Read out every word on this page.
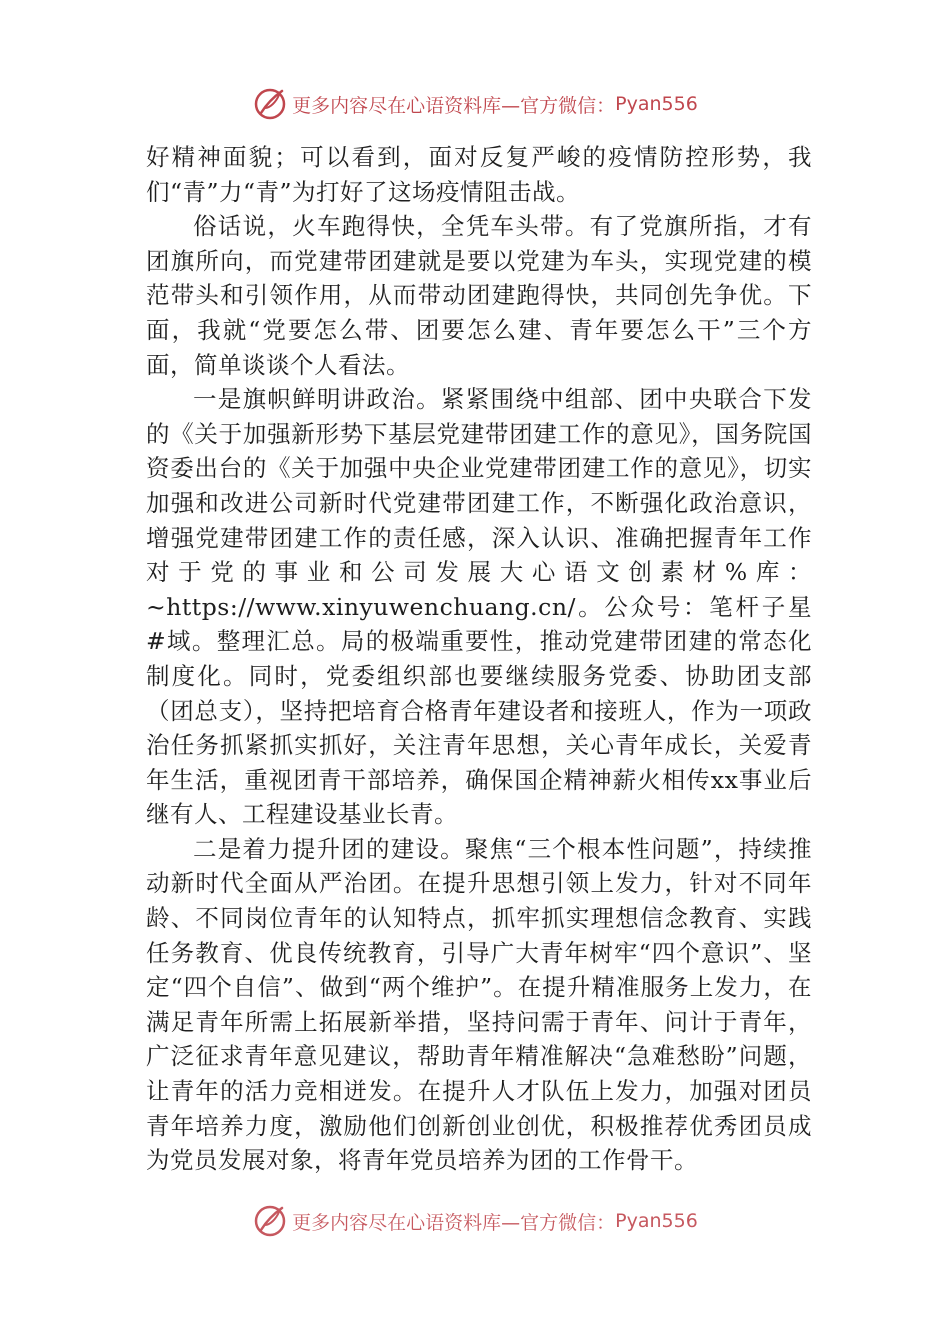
更多内容尽在心语资料库—官方微信： Pyan556

好精神面貌；可以看到，面对反复严峻的疫情防控形势，我们“青”力“青”为打好了这场疫情阻击战。

俗话说，火车跑得快，全凭车头带。有了党旗所指，才有团旗所向，而党建带团建就是要以党建为车头，实现党建的模范带头和引领作用，从而带动团建跑得快，共同创先争优。下面，我就“党要怎么带、团要怎么建、青年要怎么干”三个方面，简单谈谈个人看法。

一是旗帜鲜明讲政治。紧紧围绕中组部、团中央联合下发的《关于加强新形势下基层党建带团建工作的意见》，国务院国资委出台的《关于加强中央企业党建带团建工作的意见》，切实加强和改进公司新时代党建带团建工作，不断强化政治意识，增强党建带团建工作的责任感，深入认识、准确把握青年工作对于党的事业和公司发展大心语文创素材%库：~https://www.xinyuwenchuang.cn/。公众号：笔杆子星#域。整理汇总。局的极端重要性，推动党建带团建的常态化制度化。同时，党委组织部也要继续服务党委、协助团支部（团总支），坚持把培育合格青年建设者和接班人，作为一项政治任务抓紧抓实抓好，关注青年思想，关心青年成长，关爱青年生活，重视团青干部培养，确保国企精神薪火相传xx事业后继有人、工程建设基业长青。

二是着力提升团的建设。聚焦“三个根本性问题”，持续推动新时代全面从严治团。在提升思想引领上发力，针对不同年龄、不同岗位青年的认知特点，抓牢抓实理想信念教育、实践任务教育、优良传统教育，引导广大青年树牢“四个意识”、坚定“四个自信”、做到“两个维护”。在提升精准服务上发力，在满足青年所需上拓展新举措，坚持问需于青年、问计于青年，广泛征求青年意见建议，帮助青年精准解决“急难愁盼”问题，让青年的活力竞相迸发。在提升人才队伍上发力，加强对团员青年培养力度，激励他们创新创业创优，积极推荐优秀团员成为党员发展对象，将青年党员培养为团的工作骨干。

更多内容尽在心语资料库—官方微信： Pyan556
